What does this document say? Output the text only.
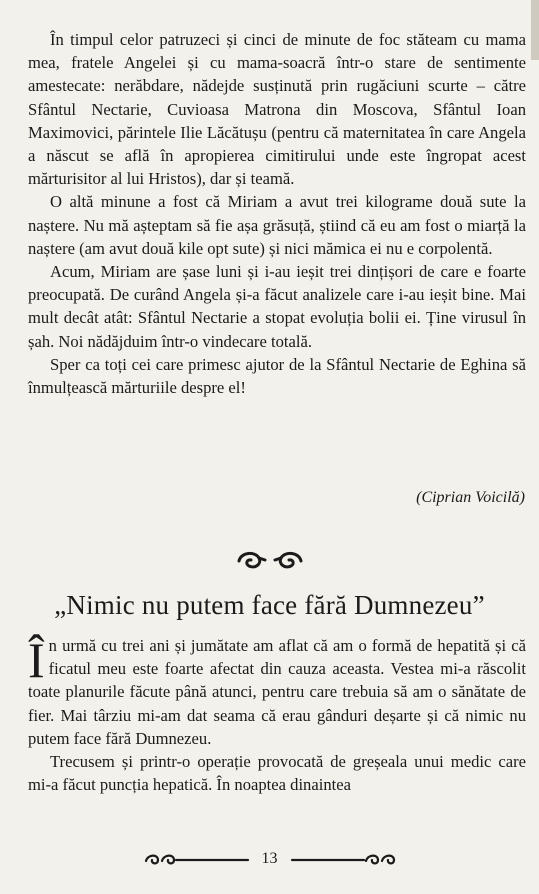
În timpul celor patruzeci și cinci de minute de foc stăteam cu mama mea, fratele Angelei și cu mama-soacră într-o stare de sentimente amestecate: nerăbdare, nădejde susținută prin rugăciuni scurte – către Sfântul Nectarie, Cuvioasa Matrona din Moscova, Sfântul Ioan Maximovici, părintele Ilie Lăcătușu (pentru că maternitatea în care Angela a născut se află în apropierea cimitirului unde este îngropat acest mărturisitor al lui Hristos), dar și teamă.

O altă minune a fost că Miriam a avut trei kilograme două sute la naștere. Nu mă așteptam să fie așa grăsuță, știind că eu am fost o miarță la naștere (am avut două kile opt sute) și nici mămica ei nu e corpolentă.

Acum, Miriam are șase luni și i-au ieșit trei dințișori de care e foarte preocupată. De curând Angela și-a făcut analizele care i-au ieșit bine. Mai mult decât atât: Sfântul Nectarie a stopat evoluția bolii ei. Ține virusul în șah. Noi nădăjduim într-o vindecare totală.

Sper ca toți cei care primesc ajutor de la Sfântul Nectarie de Eghina să înmulțească mărturiile despre el!

(Ciprian Voicilă)
„Nimic nu putem face fără Dumnezeu”

În urmă cu trei ani și jumătate am aflat că am o formă de hepatită și că ficatul meu este foarte afectat din cauza aceasta. Vestea mi-a răscolit toate planurile făcute până atunci, pentru care trebuia să am o sănătate de fier. Mai târziu mi-am dat seama că erau gânduri deșarte și că nimic nu putem face fără Dumnezeu.

Trecusem și printr-o operație provocată de greșeala unui medic care mi-a făcut puncția hepatică. În noaptea dinaintea

13
